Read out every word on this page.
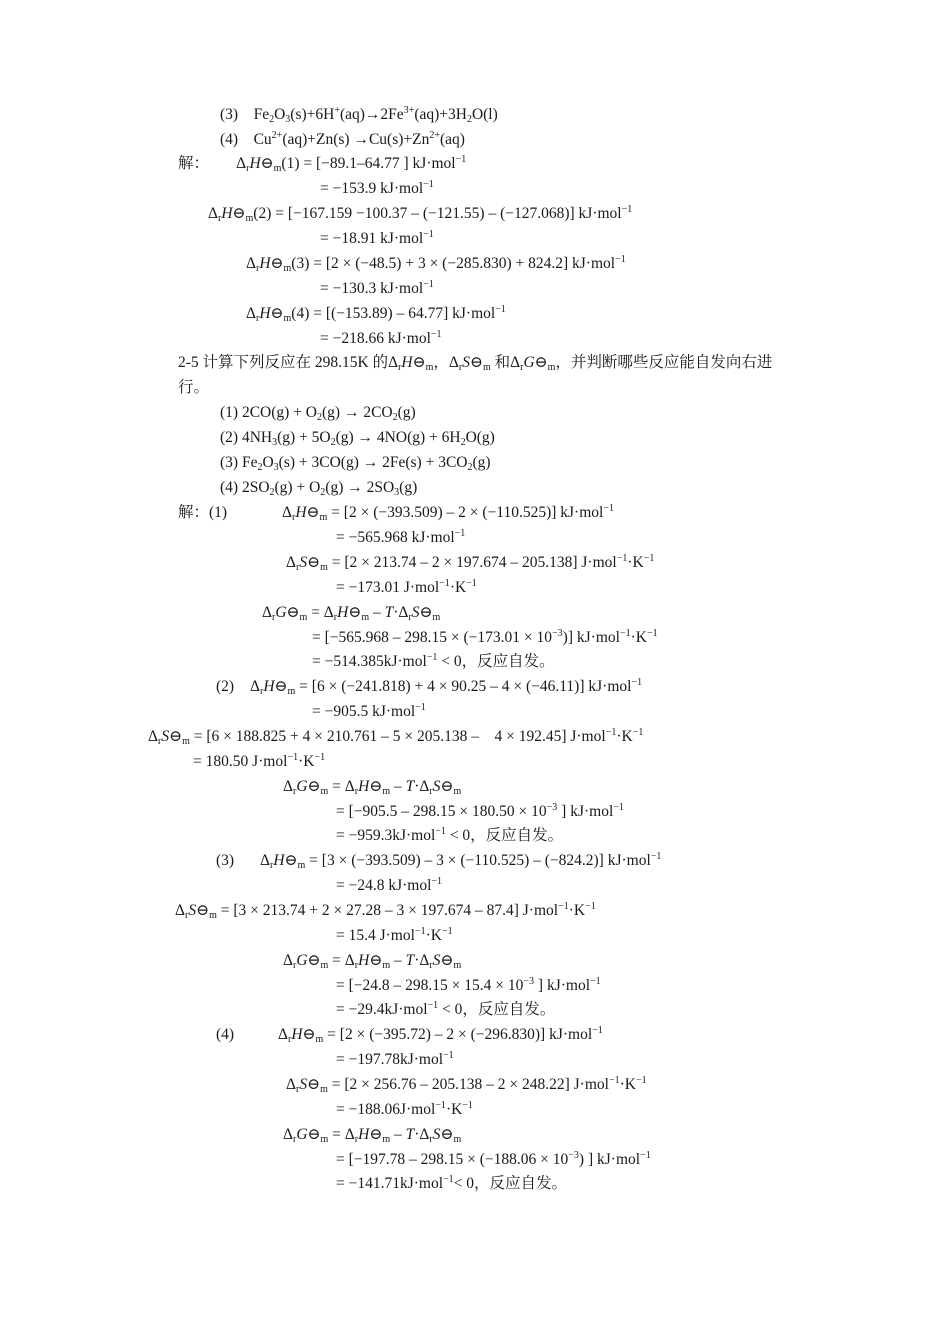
(3)    $Fe_2O_3(s)+6H^+(aq)\to 2Fe^{3+}(aq)+3H_2O(l)$
(4)    $Cu^{2+}(aq)+Zn(s) \to Cu(s)+Zn^{2+}(aq)$
解：       $\Delta_rH⊖_m(1) = [-89.1-64.77$ ] kJ·mol$^{-1}$
= −153.9 kJ·mol$^{-1}$
$\Delta_rH⊖_m(2) = [-167.159 -100.37 - (-121.55) - (-127.068)]$ kJ·mol$^{-1}$
= −18.91 kJ·mol$^{-1}$
$\Delta_rH⊖_m(3) = [2 \times (-48.5) + 3 \times (-285.830) + 824.2]$ kJ·mol$^{-1}$
= −130.3 kJ·mol$^{-1}$
$\Delta_rH⊖_m(4) = [(-153.89) - 64.77]$ kJ·mol$^{-1}$
= −218.66 kJ·mol$^{-1}$
2-5 计算下列反应在 298.15K 的$\Delta_rH⊖_m$，$\Delta_rS⊖_m$ 和$\Delta_rG⊖_m$，并判断哪些反应能自发向右进
行。
(1) $2CO(g) + O_2(g) \to 2CO_2(g)$
(2) $4NH_3(g) + 5O_2(g) \to 4NO(g) + 6H_2O(g)$
(3) $Fe_2O_3(s) + 3CO(g) \to 2Fe(s) + 3CO_2(g)$
(4) $2SO_2(g) + O_2(g) \to 2SO_3(g)$
解：(1)	$\Delta_rH⊖_m = [2 \times (-393.509) - 2 \times (-110.525)]$ kJ·mol$^{-1}$
= −565.968 kJ·mol$^{-1}$
$\Delta_rS⊖_m = [2 \times 213.74 - 2 \times 197.674 - 205.138]$ $J\cdot mol^{-1}\cdot K^{-1}$
= −173.01 $J\cdot mol^{-1}\cdot K^{-1}$
$\Delta_rG⊖_m$ = $\Delta_rH⊖_m$ – $T\cdot\Delta_rS⊖_m$
= $[-565.968 - 298.15 \times (-173.01 \times 10^{-3})]$ $kJ\cdot mol^{-1}\cdot K^{-1}$
= −514.385kJ·mol$^{-1}$ < 0，反应自发。
(2) $\Delta_rH⊖_m = [6 \times (-241.818) + 4 \times 90.25 - 4 \times (-46.11)]$ kJ·mol$^{-1}$
= −905.5 kJ·mol$^{-1}$
$\Delta_rS⊖_m = [6 \times 188.825 + 4 \times 210.761 - 5 \times 205.138$ –    4 × 192.45] $J\cdot mol^{-1}\cdot K^{-1}$
= 180.50 $J\cdot mol^{-1}\cdot K^{-1}$
$\Delta_rG⊖_m$ = $\Delta_rH⊖_m$ – $T\cdot\Delta_rS⊖_m$
= [$-905.5 - 298.15 \times 180.50 \times 10^{-3}$ ] kJ·mol$^{-1}$
= −959.3kJ·mol$^{-1}$ < 0，反应自发。
(3) $\Delta_rH⊖_m = [3 \times (-393.509) - 3 \times (-110.525) - (-824.2)]$ kJ·mol$^{-1}$
= −24.8 kJ·mol$^{-1}$
$\Delta_rS⊖_m = [3 \times 213.74 + 2 \times 27.28 - 3 \times 197.674 - 87.4]$ $J\cdot mol^{-1}\cdot K^{-1}$
= 15.4 $J\cdot mol^{-1}\cdot K^{-1}$
$\Delta_rG⊖_m$ = $\Delta_rH⊖_m$ – $T\cdot\Delta_rS⊖_m$
= [$-24.8 - 298.15 \times 15.4 \times 10^{-3}$ ] kJ·mol$^{-1}$
= −29.4kJ·mol$^{-1}$ < 0，反应自发。
(4)	$\Delta_rH⊖_m = [2 \times (-395.72) - 2 \times (-296.830)]$ kJ·mol$^{-1}$
= −197.78kJ·mol$^{-1}$
$\Delta_rS⊖_m = [2 \times 256.76 - 205.138 - 2 \times 248.22]$ $J\cdot mol^{-1}\cdot K^{-1}$
= $-188.06J\cdot mol^{-1}\cdot K^{-1}$
$\Delta_rG⊖_m$ = $\Delta_rH⊖_m$ – $T\cdot\Delta_rS⊖_m$
= [$-197.78 - 298.15 \times (-188.06 \times 10^{-3})$ ] kJ·mol$^{-1}$
= −141.71kJ·mol$^{-1}$< 0，反应自发。
